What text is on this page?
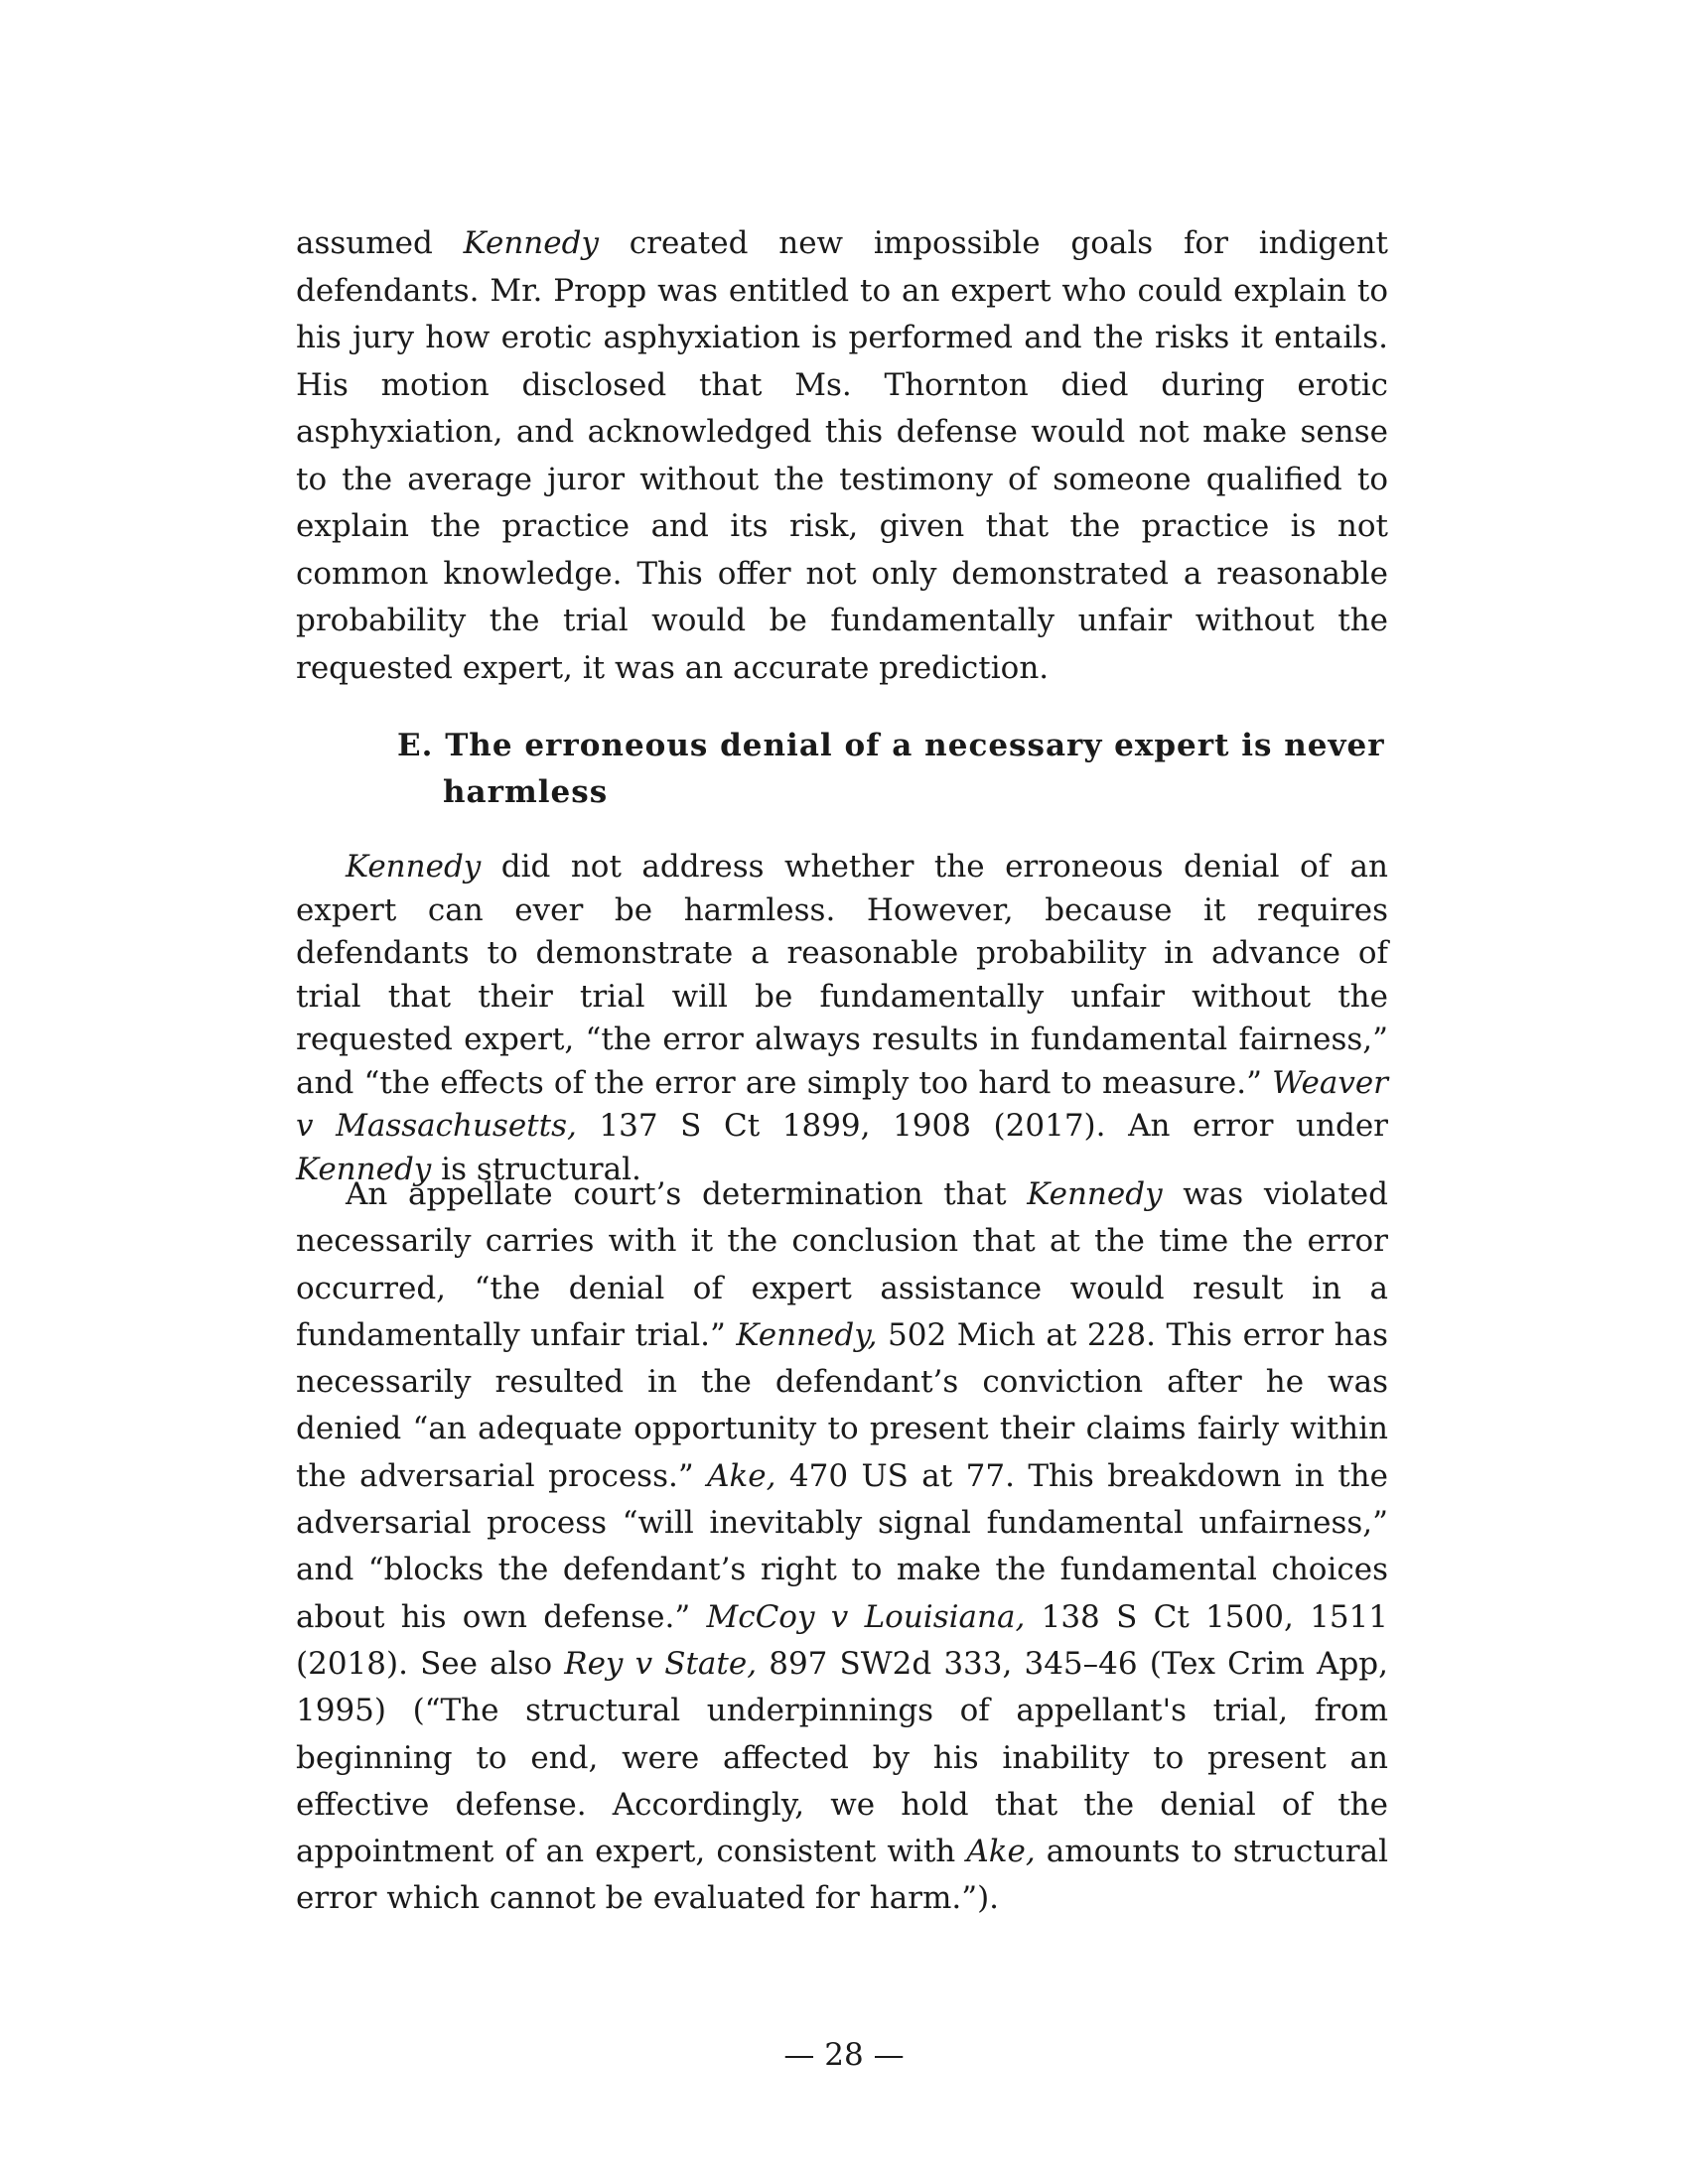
assumed Kennedy created new impossible goals for indigent defendants. Mr. Propp was entitled to an expert who could explain to his jury how erotic asphyxiation is performed and the risks it entails. His motion disclosed that Ms. Thornton died during erotic asphyxiation, and acknowledged this defense would not make sense to the average juror without the testimony of someone qualified to explain the practice and its risk, given that the practice is not common knowledge. This offer not only demonstrated a reasonable probability the trial would be fundamentally unfair without the requested expert, it was an accurate prediction.

E. The erroneous denial of a necessary expert is never harmless

Kennedy did not address whether the erroneous denial of an expert can ever be harmless. However, because it requires defendants to demonstrate a reasonable probability in advance of trial that their trial will be fundamentally unfair without the requested expert, “the error always results in fundamental fairness,” and “the effects of the error are simply too hard to measure.” Weaver v Massachusetts, 137 S Ct 1899, 1908 (2017). An error under Kennedy is structural.

An appellate court’s determination that Kennedy was violated necessarily carries with it the conclusion that at the time the error occurred, “the denial of expert assistance would result in a fundamentally unfair trial.” Kennedy, 502 Mich at 228. This error has necessarily resulted in the defendant’s conviction after he was denied “an adequate opportunity to present their claims fairly within the adversarial process.” Ake, 470 US at 77. This breakdown in the adversarial process “will inevitably signal fundamental unfairness,” and “blocks the defendant’s right to make the fundamental choices about his own defense.” McCoy v Louisiana, 138 S Ct 1500, 1511 (2018). See also Rey v State, 897 SW2d 333, 345–46 (Tex Crim App, 1995) (“The structural underpinnings of appellant's trial, from beginning to end, were affected by his inability to present an effective defense. Accordingly, we hold that the denial of the appointment of an expert, consistent with Ake, amounts to structural error which cannot be evaluated for harm.”).

— 28 —
